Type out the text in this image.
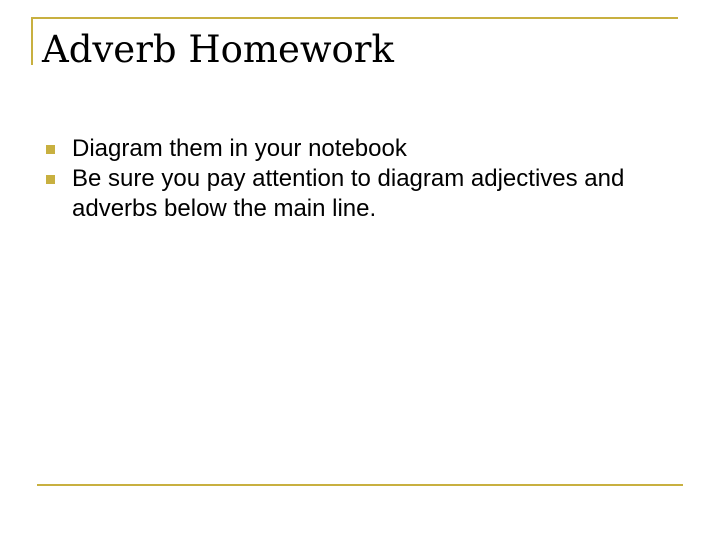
Adverb Homework
Diagram them in your notebook
Be sure you pay attention to diagram adjectives and adverbs below the main line.
